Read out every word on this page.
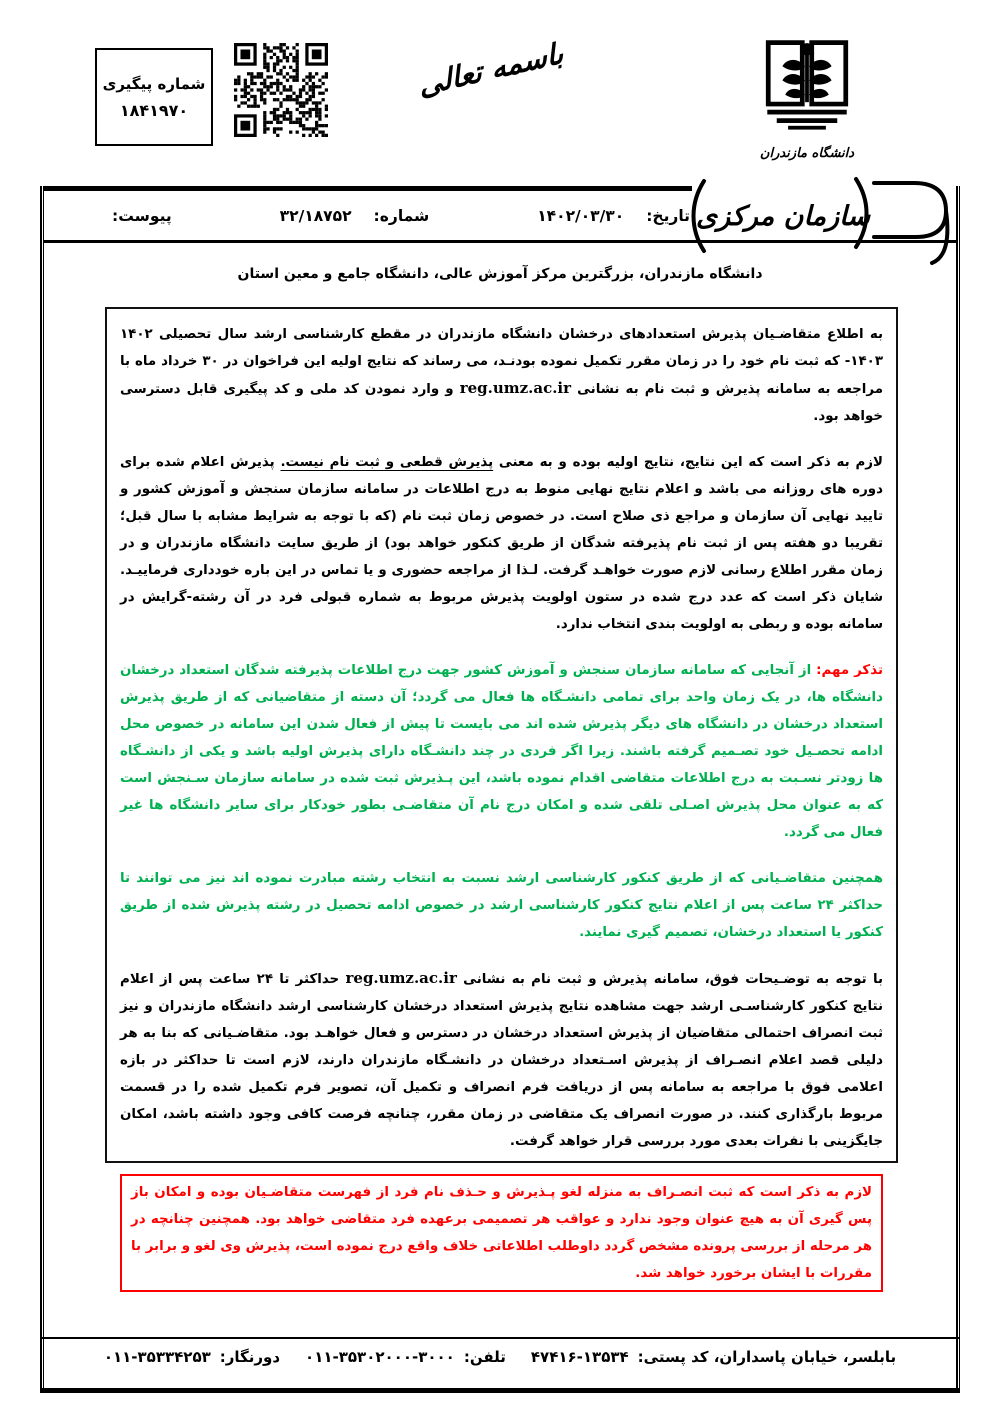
شماره پیگیری
۱۸۴۱۹۷۰
باسمه تعالی
دانشگاه مازندران
سازمان مرکزی
تاریخ:
۱۴۰۲/۰۳/۳۰
شماره:
۳۲/۱۸۷۵۲
پیوست:
دانشگاه مازندران، بزرگترین مرکز آموزش عالی، دانشگاه جامع و معین استان
به اطلاع متقاضـیان پذیرش استعدادهای درخشان دانشگاه مازندران در مقطع کارشناسی ارشد سال تحصیلی ۱۴۰۲ -۱۴۰۳ که ثبت نام خود را در زمان مقرر تکمیل نموده بودنـد، می رساند که نتایج اولیه این فراخوان در ۳۰ خرداد ماه با مراجعه به سامانه پذیرش و ثبت نام به نشانی reg.umz.ac.ir و وارد نمودن کد ملی و کد پیگیری قابل دسترسی خواهد بود.
لازم به ذکر است که این نتایج، نتایج اولیه بوده و به معنی پذیرش قطعی و ثبت نام نیست. پذیرش اعلام شده برای دوره های روزانه می باشد و اعلام نتایج نهایی منوط به درج اطلاعات در سامانه سازمان سنجش و آموزش کشور و تایید نهایی آن سازمان و مراجع ذی صلاح است. در خصوص زمان ثبت نام (که با توجه به شرایط مشابه با سال قبل؛ تقریبا دو هفته پس از ثبت نام پذیرفته شدگان از طریق کنکور خواهد بود) از طریق سایت دانشگاه مازندران و در زمان مقرر اطلاع رسانی لازم صورت خواهـد گرفت. لـذا از مراجعه حضوری و یا تماس در این باره خودداری فرماییـد. شایان ذکر است که عدد درج شده در ستون اولویت پذیرش مربوط به شماره قبولی فرد در آن رشته-گرایش در سامانه بوده و ربطی به اولویت بندی انتخاب ندارد.
تذکر مهم: از آنجایی که سامانه سازمان سنجش و آموزش کشور جهت درج اطلاعات پذیرفته شدگان استعداد درخشان دانشگاه ها، در یک زمان واحد برای تمامی دانشـگاه ها فعال می گردد؛ آن دسته از متقاضیانی که از طریق پذیرش استعداد درخشان در دانشگاه های دیگر پذیرش شده اند می بایست تا پیش از فعال شدن این سامانه در خصوص محل ادامه تحصـیل خود تصـمیم گرفته باشند. زیرا اگر فردی در چند دانشـگاه دارای پذیرش اولیه باشد و یکی از دانشـگاه ها زودتر نسـبت به درج اطلاعات متقاضی اقدام نموده باشد، این پـذیرش ثبت شده در سامانه سازمان سـنجش است که به عنوان محل پذیرش اصـلی تلقی شده و امکان درج نام آن متقاضـی بطور خودکار برای سایر دانشگاه ها غیر فعال می گردد.
همچنین متقاضـیانی که از طریق کنکور کارشناسی ارشد نسبت به انتخاب رشته مبادرت نموده اند نیز می توانند تا حداکثر ۲۴ ساعت پس از اعلام نتایج کنکور کارشناسی ارشد در خصوص ادامه تحصیل در رشته پذیرش شده از طریق کنکور یا استعداد درخشان، تصمیم گیری نمایند.
با توجه به توضـیحات فوق، سامانه پذیرش و ثبت نام به نشانی reg.umz.ac.ir حداکثر تا ۲۴ ساعت پس از اعلام نتایج کنکور کارشناسـی ارشد جهت مشاهده نتایج پذیرش استعداد درخشان کارشناسی ارشد دانشگاه مازندران و نیز ثبت انصراف احتمالی متقاضیان از پذیرش استعداد درخشان در دسترس و فعال خواهـد بود. متقاضـیانی که بنا به هر دلیلی قصد اعلام انصـراف از پذیرش اسـتعداد درخشان در دانشـگاه مازندران دارند، لازم است تا حداکثر در بازه اعلامی فوق با مراجعه به سامانه پس از دریافت فرم انصراف و تکمیل آن، تصویر فرم تکمیل شده را در قسمت مربوط بارگذاری کنند. در صورت انصراف یک متقاضی در زمان مقرر، چنانچه فرصت کافی وجود داشته باشد، امکان جایگزینی با نفرات بعدی مورد بررسی قرار خواهد گرفت.
لازم به ذکر است که ثبت انصـراف به منزله لغو پـذیرش و حـذف نام فرد از فهرست متقاضـیان بوده و امکان باز پس گیری آن به هیچ عنوان وجود ندارد و عواقب هر تصمیمی برعهده فرد متقاضی خواهد بود. همچنین چنانچه در هر مرحله از بررسی پرونده مشخص گردد داوطلب اطلاعاتی خلاف واقع درج نموده است، پذیرش وی لغو و برابر با مقررات با ایشان برخورد خواهد شد.
بابلسر، خیابان پاسداران، کد پستی:
۴۷۴۱۶-۱۳۵۳۴
تلفن:
۰۱۱-۳۵۳۰۲۰۰۰-۳۰۰۰
دورنگار:
۰۱۱-۳۵۳۳۴۲۵۳
